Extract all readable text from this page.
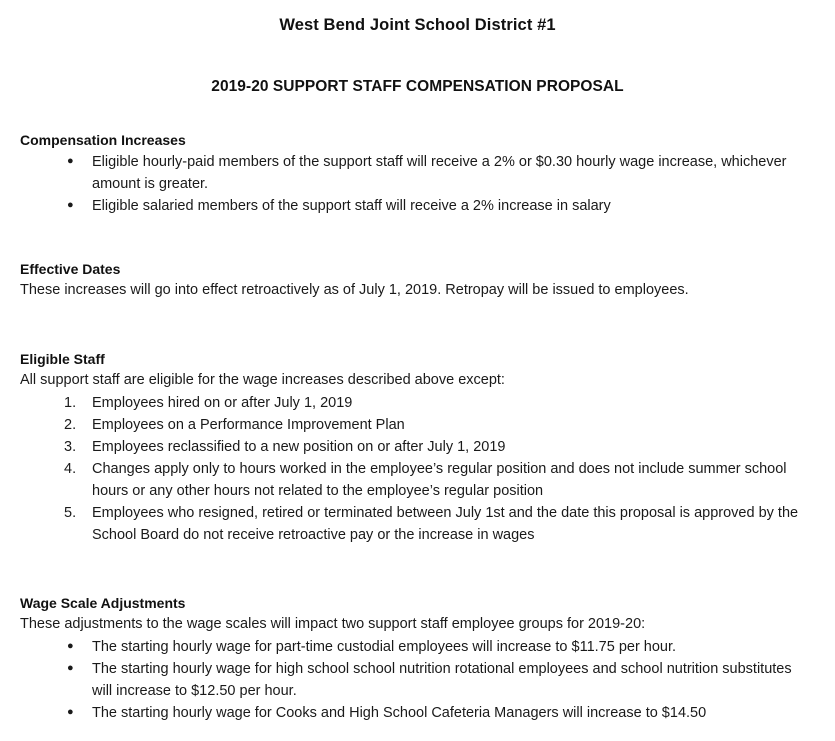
West Bend Joint School District #1
2019-20 SUPPORT STAFF COMPENSATION PROPOSAL
Compensation Increases
●	Eligible hourly-paid members of the support staff will receive a 2% or $0.30 hourly wage increase, whichever amount is greater.
●	Eligible salaried members of the support staff will receive a 2% increase in salary
Effective Dates
These increases will go into effect retroactively as of July 1, 2019. Retropay will be issued to employees.
Eligible Staff
All support staff are eligible for the wage increases described above except:
1.	Employees hired on or after July 1, 2019
2.	Employees on a Performance Improvement Plan
3.	Employees reclassified to a new position on or after July 1, 2019
4.	Changes apply only to hours worked in the employee’s regular position and does not include summer school hours or any other hours not related to the employee’s regular position
5.	Employees who resigned, retired or terminated between July 1st and the date this proposal is approved by the School Board do not receive retroactive pay or the increase in wages
Wage Scale Adjustments
These adjustments to the wage scales will impact two support staff employee groups for 2019-20:
●	The starting hourly wage for part-time custodial employees will increase to $11.75 per hour.
●	The starting hourly wage for high school school nutrition rotational employees and school nutrition substitutes will increase to $12.50 per hour.
●	The starting hourly wage for Cooks and High School Cafeteria Managers will increase to $14.50
